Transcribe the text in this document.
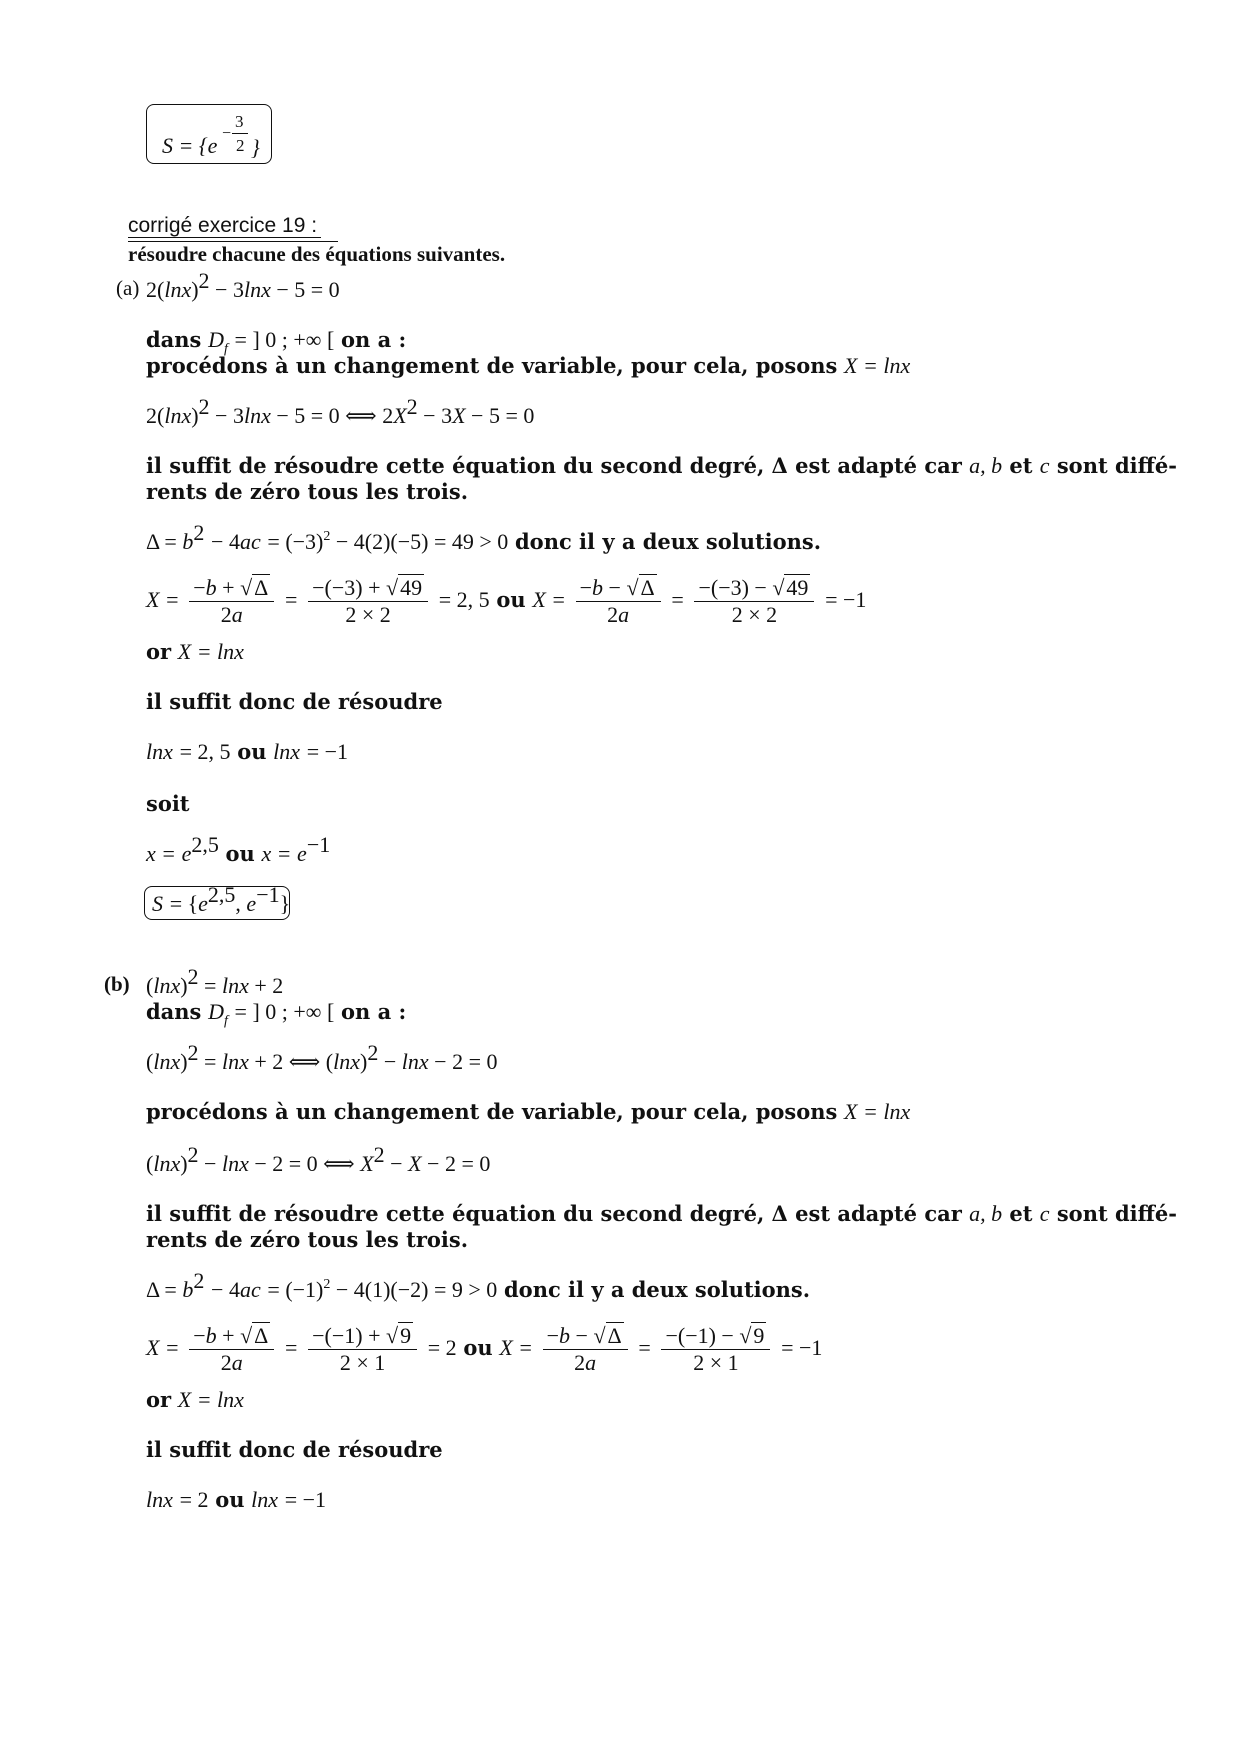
S = {e −
3
2 }
corrigé exercice 19 :
résoudre chacune des équations suivantes.
(a) $2(\ln x)^2 - 3\ln x - 5 = 0$
dans $D_f$ = ] 0 ; +∞ [ on a :
procédons à un changement de variable, pour cela, posons X = lnx
$2(\ln x)^2 - 3\ln x - 5 = 0$ ⟺ $2X^2 - 3X - 5 = 0$
il suffit de résoudre cette équation du second degré, Δ est adapté car a, b et c sont diffé-
rents de zéro tous les trois.
$\Delta = b^2 - 4ac = (-3)^2 - 4(2)(-5) = 49 > 0$ donc il y a deux solutions.
$X = \frac{-b + √\Delta}{2a} = \frac{-(-3) + √49}{2 \times 2} = 2$, 5 ou $X = \frac{-b - √\Delta}{2a} = \frac{-(-3) - √49}{2 \times 2} = -1$
or X = lnx
il suffit donc de résoudre
lnx = 2, 5 ou lnx = −1
soit
$x = e^{2,5}$ ou $x = e^{-1}$
$S = \{e^{2,5}$, $e^{-1}$}
(b) $(\ln x)^2 = \ln x + 2$
dans $D_f$ = ] 0 ; +∞ [ on a :
$(\ln x)^2 = \ln x + 2$ ⟺ $(\ln x)^2 - \ln x - 2 = 0$
procédons à un changement de variable, pour cela, posons X = lnx
$(\ln x)^2 - \ln x - 2 = 0$ ⟺ $X^2 - X - 2 = 0$
il suffit de résoudre cette équation du second degré, Δ est adapté car a, b et c sont diffé-
rents de zéro tous les trois.
$\Delta = b^2 - 4ac = (-1)^2 - 4(1)(-2) = 9 > 0$ donc il y a deux solutions.
$X = \frac{-b + √\Delta}{2a} = \frac{-(-1) + √9}{2 \times 1} = 2$ ou $X = \frac{-b - √\Delta}{2a} = \frac{-(-1) - √9}{2 \times 1} = -1$
or X = lnx
il suffit donc de résoudre
lnx = 2 ou lnx = −1
